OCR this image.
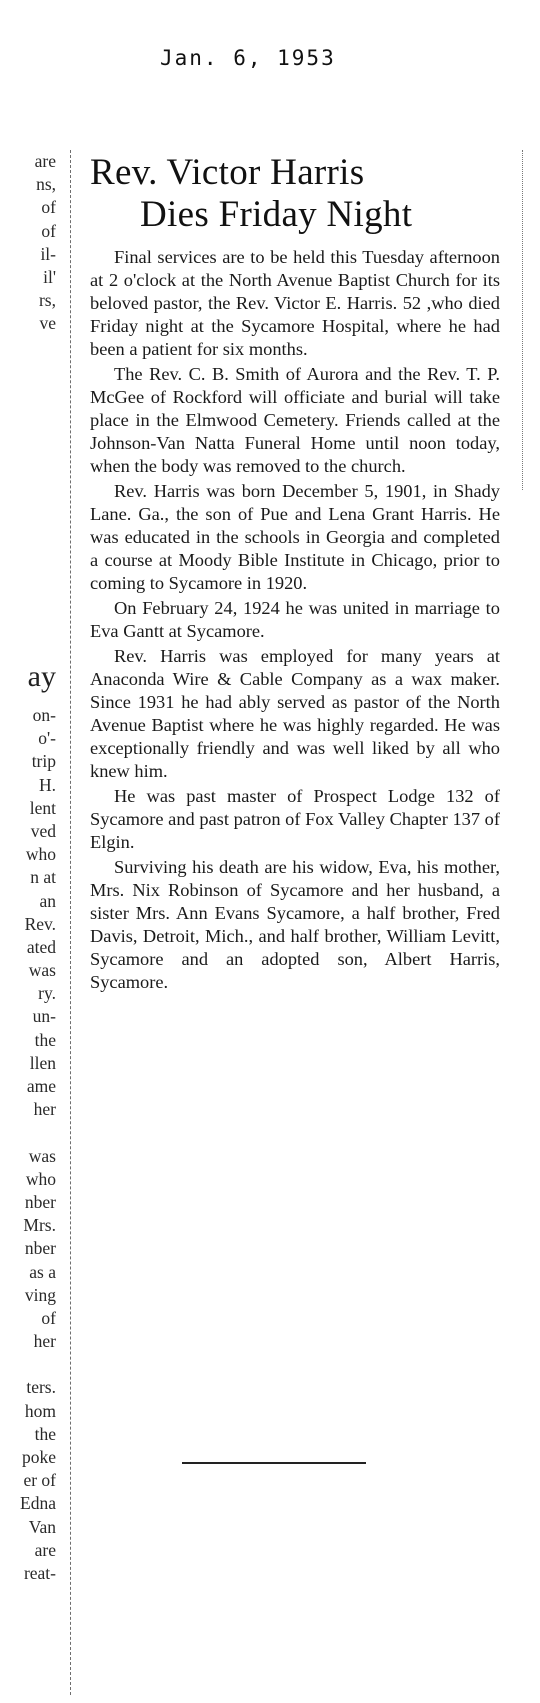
Jan. 6, 1953
are
ns,
of
of
il-
il'
rs,
ve
ay
on-
o'-
trip
H.
lent
ved
who
n at
an
Rev.
ated
was
ry.
un-
the
llen
ame
her
was
who
nber
Mrs.
nber
as a
ving
of
her
ters.
hom
the
poke
er of
Edna
Van
are
reat-
Rev. Victor Harris
Dies Friday Night

Final services are to be held this Tuesday afternoon at 2 o'clock at the North Avenue Baptist Church for its beloved pastor, the Rev. Victor E. Harris. 52 ,who died Friday night at the Sycamore Hospital, where he had been a patient for six months.

The Rev. C. B. Smith of Aurora and the Rev. T. P. McGee of Rockford will officiate and burial will take place in the Elmwood Cemetery. Friends called at the Johnson-Van Natta Funeral Home until noon today, when the body was removed to the church.

Rev. Harris was born December 5, 1901, in Shady Lane. Ga., the son of Pue and Lena Grant Harris. He was educated in the schools in Georgia and completed a course at Moody Bible Institute in Chicago, prior to coming to Sycamore in 1920.

On February 24, 1924 he was united in marriage to Eva Gantt at Sycamore.

Rev. Harris was employed for many years at Anaconda Wire & Cable Company as a wax maker. Since 1931 he had ably served as pastor of the North Avenue Baptist where he was highly regarded. He was exceptionally friendly and was well liked by all who knew him.

He was past master of Prospect Lodge 132 of Sycamore and past patron of Fox Valley Chapter 137 of Elgin.

Surviving his death are his widow, Eva, his mother, Mrs. Nix Robinson of Sycamore and her husband, a sister Mrs. Ann Evans Sycamore, a half brother, Fred Davis, Detroit, Mich., and half brother, William Levitt, Sycamore and an adopted son, Albert Harris, Sycamore.
